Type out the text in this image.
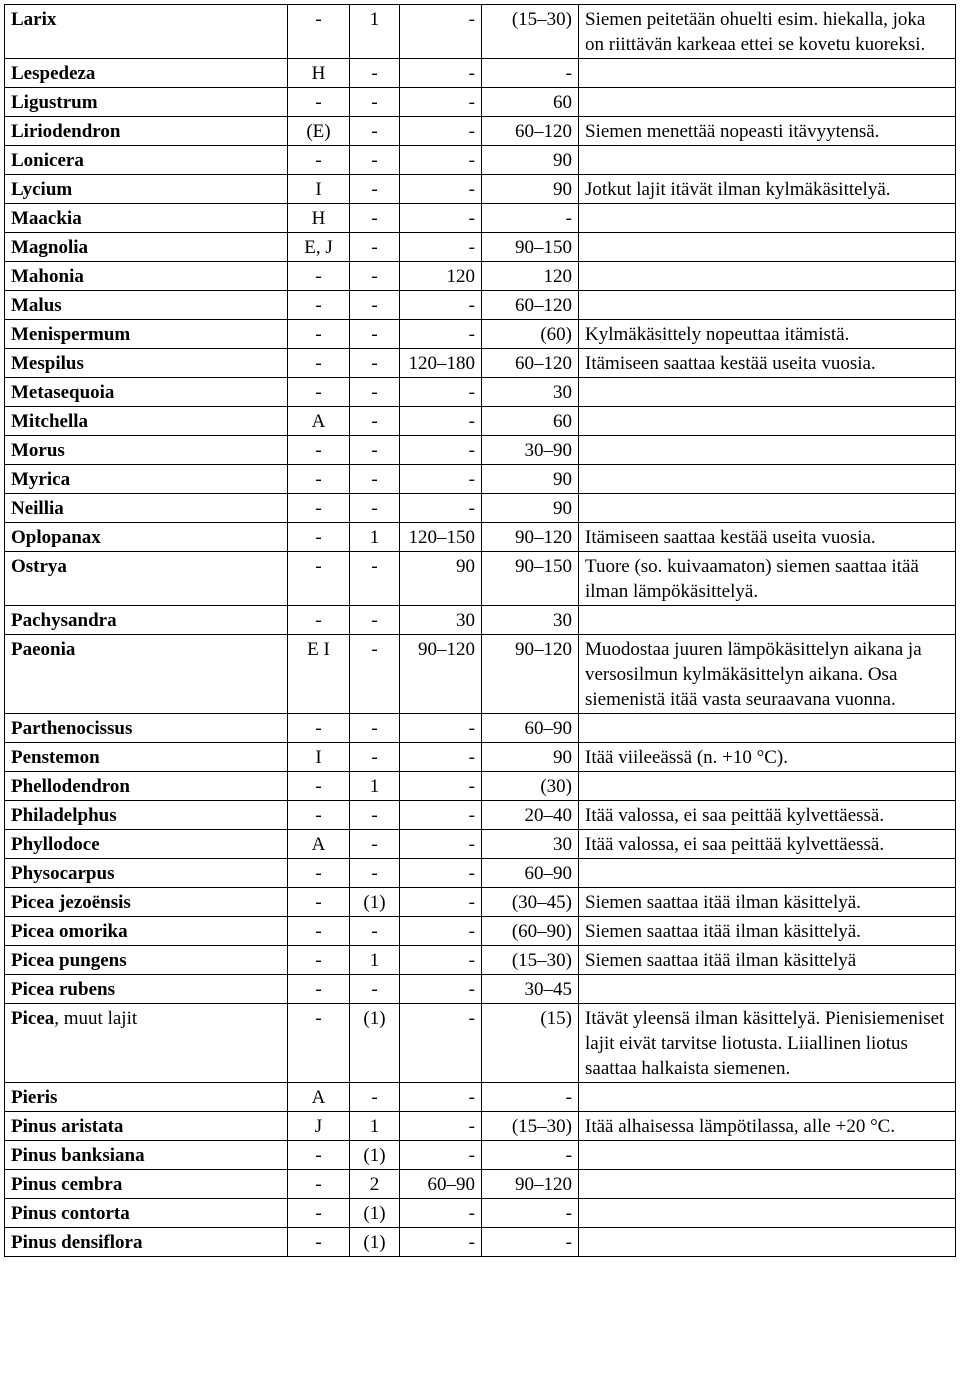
Larix	-	1	-	(15–30)	Siemen peitetään ohuelti esim. hiekalla, joka on riittävän karkeaa ettei se kovetu kuoreksi.
Lespedeza	H	-	-	-	
Ligustrum	-	-	-	60	
Liriodendron	(E)	-	-	60–120	Siemen menettää nopeasti itävyytensä.
Lonicera	-	-	-	90	
Lycium	I	-	-	90	Jotkut lajit itävät ilman kylmäkäsittelyä.
Maackia	H	-	-	-	
Magnolia	E, J	-	-	90–150	
Mahonia	-	-	120	120	
Malus	-	-	-	60–120	
Menispermum	-	-	-	(60)	Kylmäkäsittely nopeuttaa itämistä.
Mespilus	-	-	120–180	60–120	Itämiseen saattaa kestää useita vuosia.
Metasequoia	-	-	-	30	
Mitchella	A	-	-	60	
Morus	-	-	-	30–90	
Myrica	-	-	-	90	
Neillia	-	-	-	90	
Oplopanax	-	1	120–150	90–120	Itämiseen saattaa kestää useita vuosia.
Ostrya	-	-	90	90–150	Tuore (so. kuivaamaton) siemen saattaa itää ilman lämpökäsittelyä.
Pachysandra	-	-	30	30	
Paeonia	E I	-	90–120	90–120	Muodostaa juuren lämpökäsittelyn aikana ja versosilmun kylmäkäsittelyn aikana. Osa siemenistä itää vasta seuraavana vuonna.
Parthenocissus	-	-	-	60–90	
Penstemon	I	-	-	90	Itää viileeässä (n. +10 °C).
Phellodendron	-	1	-	(30)	
Philadelphus	-	-	-	20–40	Itää valossa, ei saa peittää kylvettäessä.
Phyllodoce	A	-	-	30	Itää valossa, ei saa peittää kylvettäessä.
Physocarpus	-	-	-	60–90	
Picea jezoënsis	-	(1)	-	(30–45)	Siemen saattaa itää ilman käsittelyä.
Picea omorika	-	-	-	(60–90)	Siemen saattaa itää ilman käsittelyä.
Picea pungens	-	1	-	(15–30)	Siemen saattaa itää ilman käsittelyä
Picea rubens	-	-	-	30–45	
Picea, muut lajit	-	(1)	-	(15)	Itävät yleensä ilman käsittelyä. Pienisiemeniset lajit eivät tarvitse liotusta. Liiallinen liotus saattaa halkaista siemenen.
Pieris	A	-	-	-	
Pinus aristata	J	1	-	(15–30)	Itää alhaisessa lämpötilassa, alle +20 °C.
Pinus banksiana	-	(1)	-	-	
Pinus cembra	-	2	60–90	90–120	
Pinus contorta	-	(1)	-	-	
Pinus densiflora	-	(1)	-	-	
